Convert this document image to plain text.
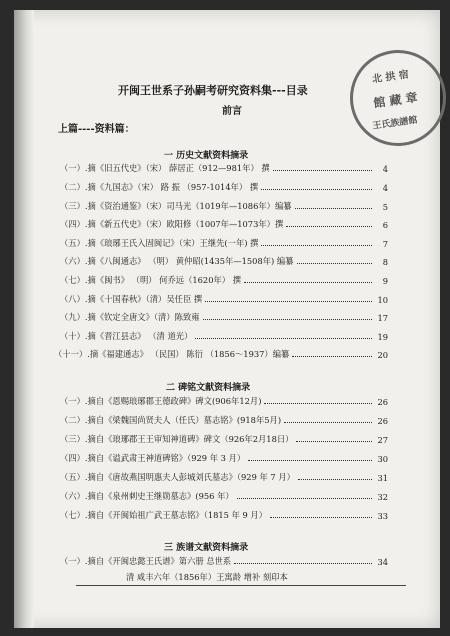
北 拱 宿
館 藏 章
王氏族譜館
开闽王世系子孙嗣考研究资料集---目录
前言
上篇----资料篇：
一 历史文献资料摘录
（一）.摘《旧五代史》（宋） 薛居正（912—981年） 撰	4
（二）.摘《九国志》（宋） 路 振 （957-1014年） 撰	4
（三）.摘《资治通鉴》（宋）司马光（1019年—1086年）编纂	5
（四）.摘《新五代史》（宋）欧阳修（1007年—1073年）撰	6
（五）.摘《琅琊王氏入固闽记》（宋）王继先(一年) 撰	7
（六）.摘《八闽通志》 （明） 黄仲昭(1435年—1508年) 编纂	8
（七）.摘《闽书》 （明） 何乔远（1620年） 撰	9
（八）.摘《十国春秋》（清）吴任臣 撰	10
（九）.摘《钦定全唐文》（清）陈致雍	17
（十）.摘《晋江县志》 （清 道光）	19
（十一）.摘《福建通志》 （民国） 陈衍 （1856～1937）编纂	20
二 碑铭文献资料摘录
（一）.摘自《恩赐琅琊郡王德政碑》碑文(906年12月)	26
（二）.摘自《梁魏国尚贤夫人（任氏）墓志铭》(918年5月)	26
（三）.摘自《琅琊郡王王审知神道碑》碑文（926年2月18日）	27
（四）.摘自《谥武肃王神道碑铭》（929 年 3 月）	30
（五）.摘自《唐故燕国明惠夫人彭城刘氏墓志》（929 年 7 月）	31
（六）.摘自《泉州刺史王继勋墓志》(956 年）	32
（七）.摘自《开闽始祖广武王墓志铭》（1815 年 9 月）	33
三 族谱文献资料摘录
（一）.摘自《开闽忠懿王氏谱》第六册 总世系	34
清 咸丰六年（1856年）王寓龄 增补 刻印本
